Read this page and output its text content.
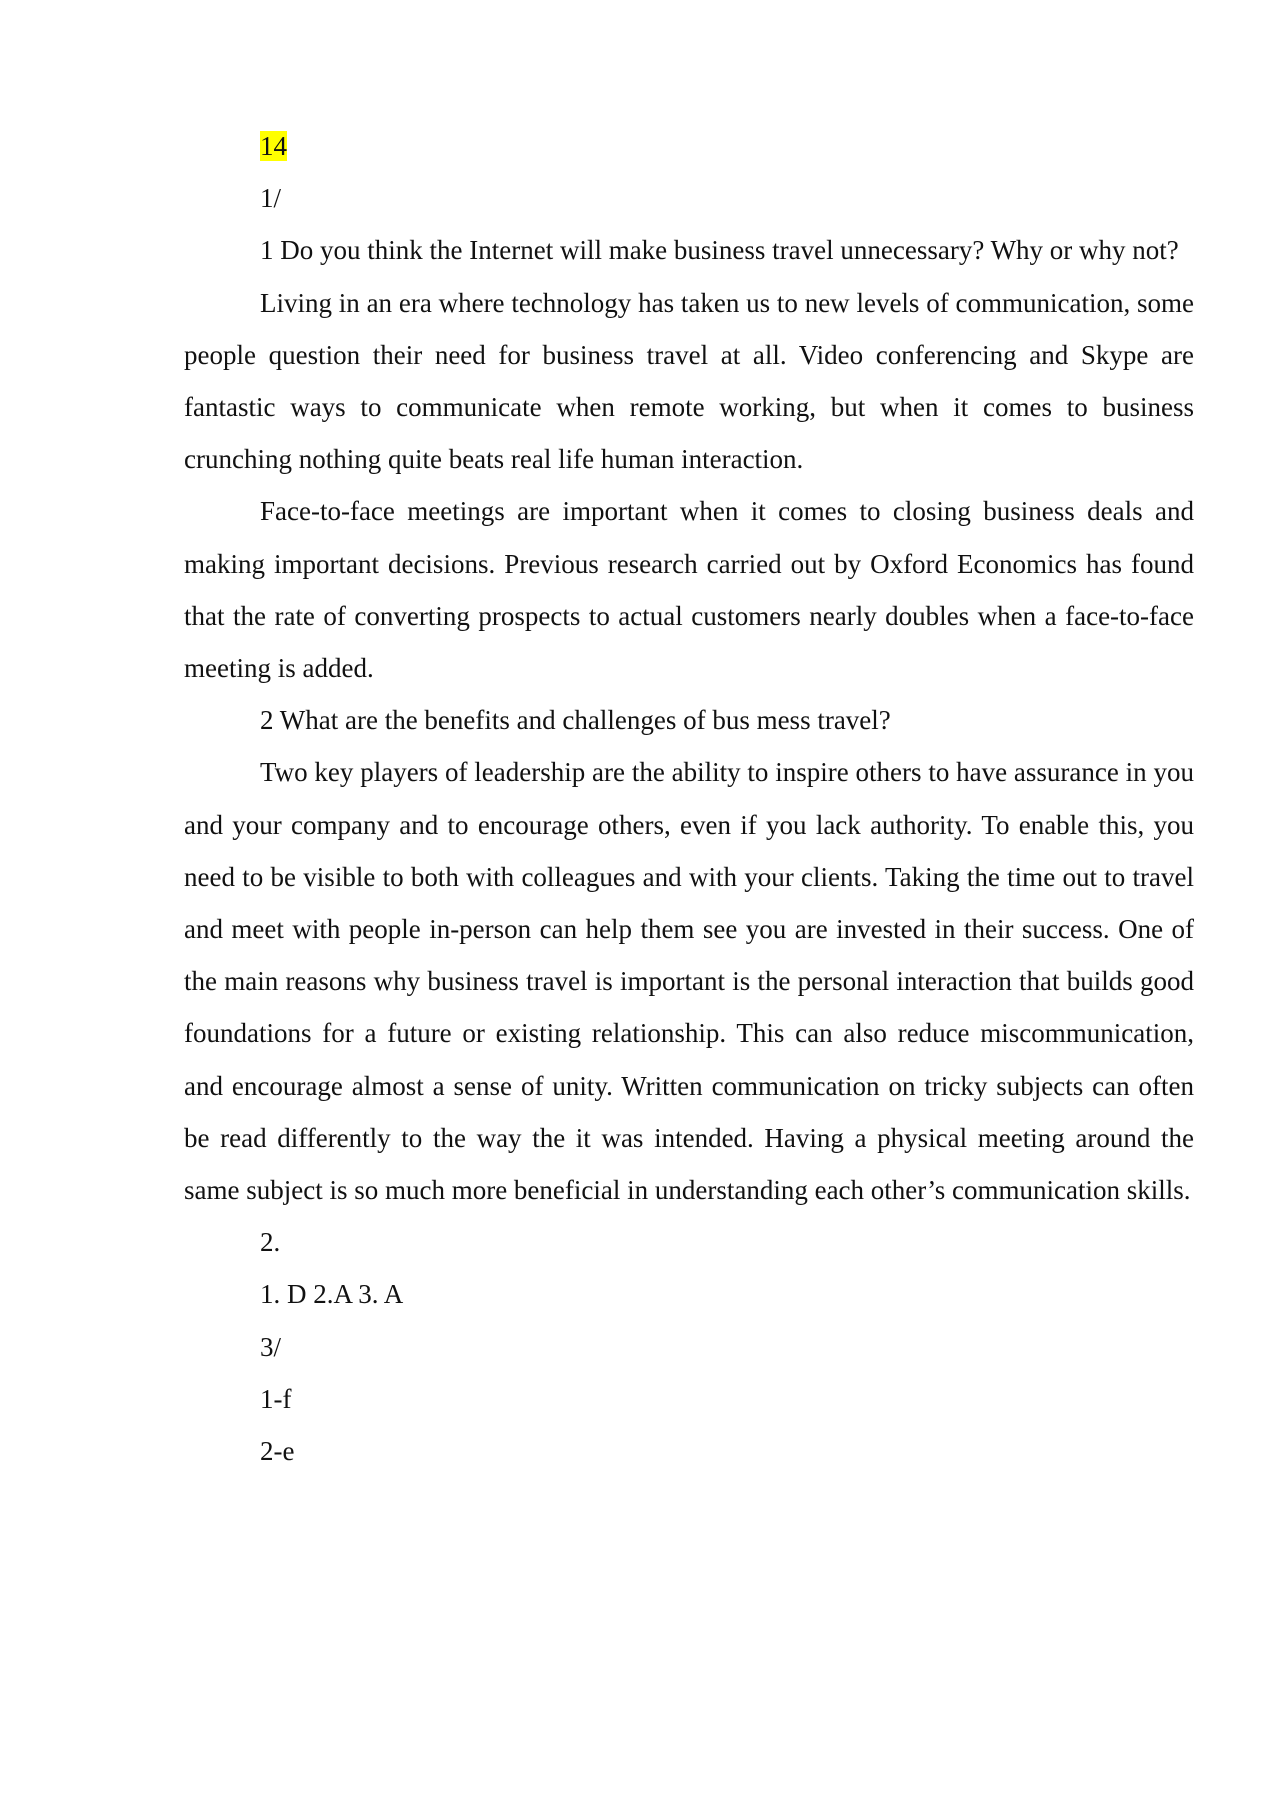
14

1/

1 Do you think the Internet will make business travel unnecessary? Why or why not?

Living in an era where technology has taken us to new levels of communication, some people question their need for business travel at all. Video conferencing and Skype are fantastic ways to communicate when remote working, but when it comes to business crunching nothing quite beats real life human interaction.

Face-to-face meetings are important when it comes to closing business deals and making important decisions. Previous research carried out by Oxford Economics has found that the rate of converting prospects to actual customers nearly doubles when a face-to-face meeting is added.

2 What are the benefits and challenges of bus mess travel?

Two key players of leadership are the ability to inspire others to have assurance in you and your company and to encourage others, even if you lack authority. To enable this, you need to be visible to both with colleagues and with your clients. Taking the time out to travel and meet with people in-person can help them see you are invested in their success. One of the main reasons why business travel is important is the personal interaction that builds good foundations for a future or existing relationship. This can also reduce miscommunication, and encourage almost a sense of unity. Written communication on tricky subjects can often be read differently to the way the it was intended. Having a physical meeting around the same subject is so much more beneficial in understanding each other’s communication skills.

2.

1. D 2.A 3. A

3/

1-f

2-e
